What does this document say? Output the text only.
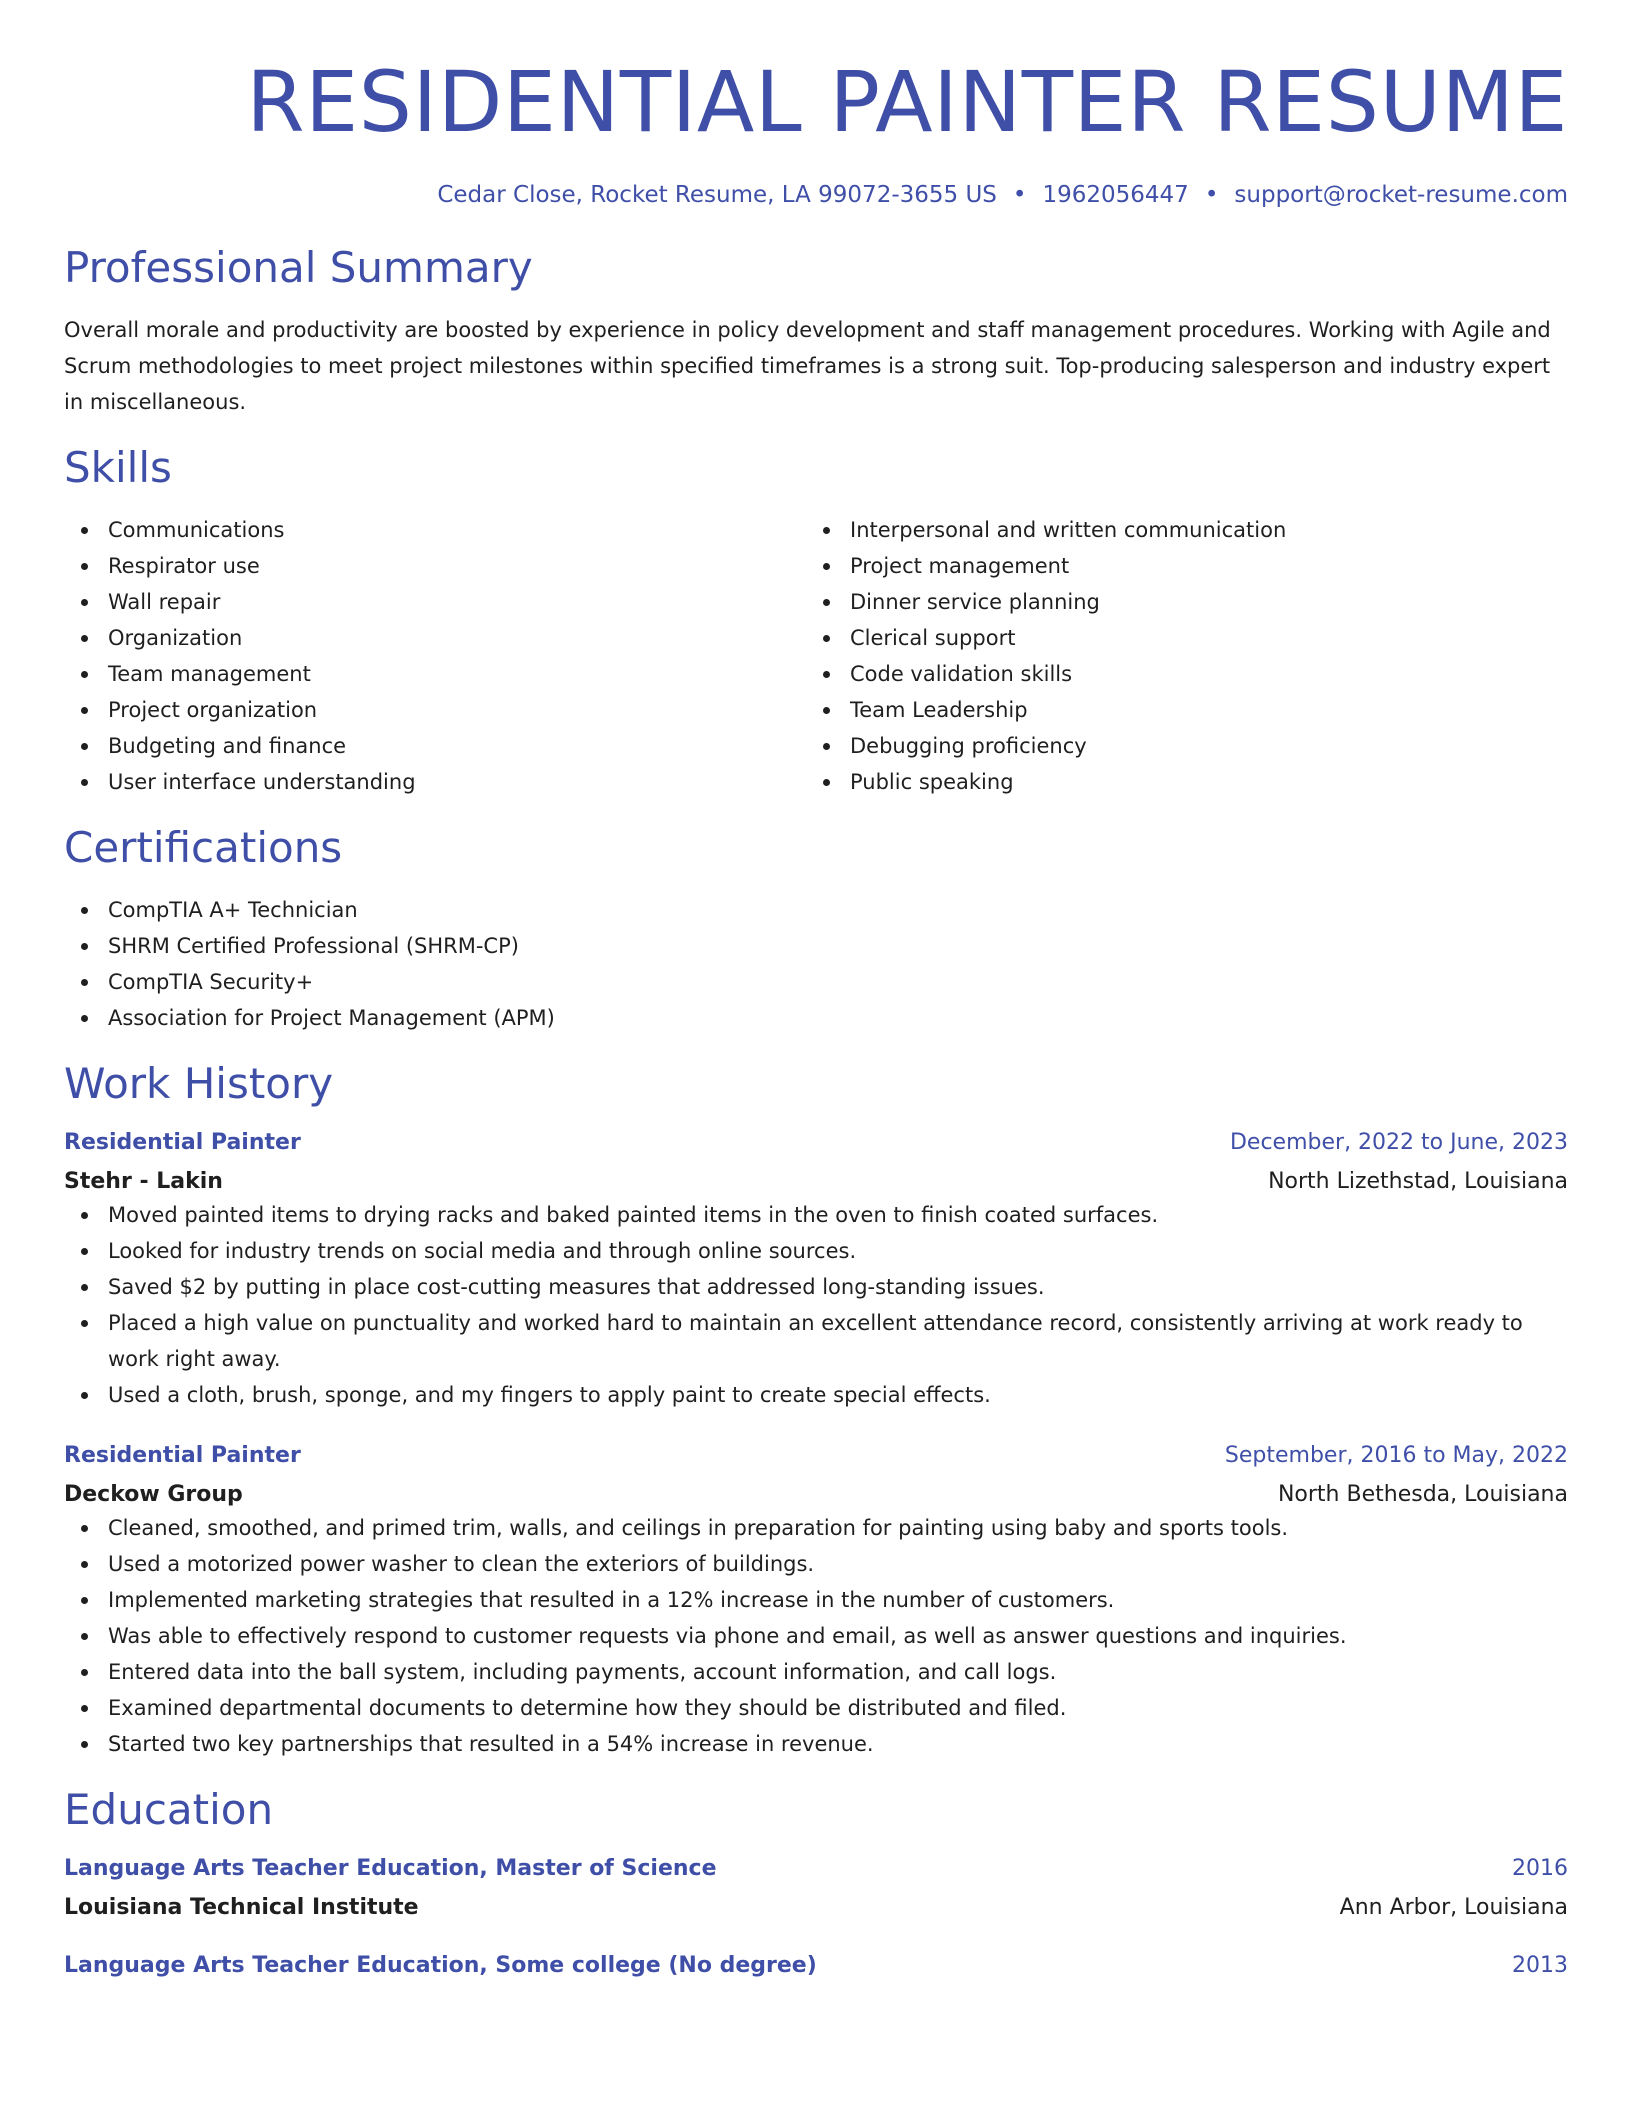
RESIDENTIAL PAINTER RESUME
Cedar Close, Rocket Resume, LA 99072-3655 US • 1962056447 • support@rocket-resume.com
Professional Summary
Overall morale and productivity are boosted by experience in policy development and staff management procedures. Working with Agile and Scrum methodologies to meet project milestones within specified timeframes is a strong suit. Top-producing salesperson and industry expert in miscellaneous.
Skills
Communications
Respirator use
Wall repair
Organization
Team management
Project organization
Budgeting and finance
User interface understanding
Interpersonal and written communication
Project management
Dinner service planning
Clerical support
Code validation skills
Team Leadership
Debugging proficiency
Public speaking
Certifications
CompTIA A+ Technician
SHRM Certified Professional (SHRM-CP)
CompTIA Security+
Association for Project Management (APM)
Work History
Residential Painter	December, 2022 to June, 2023
Stehr - Lakin	North Lizethstad, Louisiana
Moved painted items to drying racks and baked painted items in the oven to finish coated surfaces.
Looked for industry trends on social media and through online sources.
Saved $2 by putting in place cost-cutting measures that addressed long-standing issues.
Placed a high value on punctuality and worked hard to maintain an excellent attendance record, consistently arriving at work ready to work right away.
Used a cloth, brush, sponge, and my fingers to apply paint to create special effects.
Residential Painter	September, 2016 to May, 2022
Deckow Group	North Bethesda, Louisiana
Cleaned, smoothed, and primed trim, walls, and ceilings in preparation for painting using baby and sports tools.
Used a motorized power washer to clean the exteriors of buildings.
Implemented marketing strategies that resulted in a 12% increase in the number of customers.
Was able to effectively respond to customer requests via phone and email, as well as answer questions and inquiries.
Entered data into the ball system, including payments, account information, and call logs.
Examined departmental documents to determine how they should be distributed and filed.
Started two key partnerships that resulted in a 54% increase in revenue.
Education
Language Arts Teacher Education, Master of Science	2016
Louisiana Technical Institute	Ann Arbor, Louisiana
Language Arts Teacher Education, Some college (No degree)	2013
